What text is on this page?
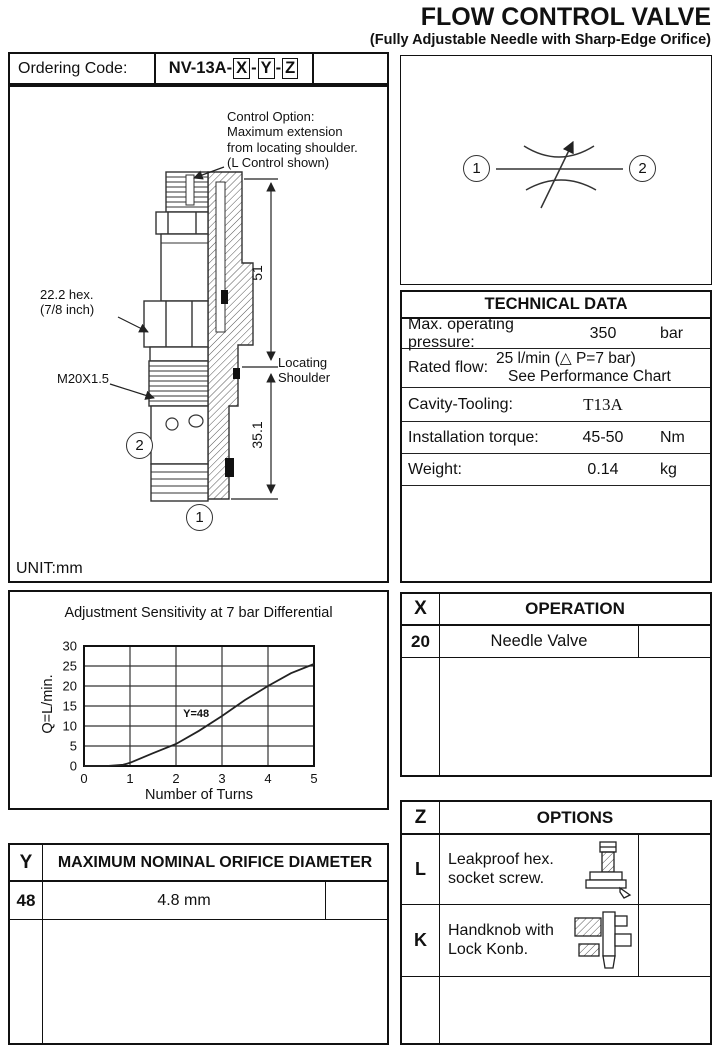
FLOW CONTROL VALVE
(Fully Adjustable Needle with Sharp-Edge Orifice)
Ordering Code:	NV-13A- X - Y - Z
51
35.1
Control Option:
Maximum extension
from locating shoulder.
(L Control shown)
22.2 hex.
(7/8 inch)
M20X1.5
Locating
Shoulder
2
1
UNIT:mm
1	2
TECHNICAL DATA
Max. operating pressure:
350	bar
Rated flow:
25 l/min (△ P=7 bar)
See Performance Chart
Cavity-Tooling:	T13A
Installation torque:	45-50	Nm
Weight:	0.14	kg
Adjustment Sensitivity at 7 bar Differential
0
5
10
15
20
25
30
0	1	2	3	4	5
Y=48
Q=L/min.
Number of Turns
X	OPERATION
20	Needle Valve
Y	MAXIMUM NOMINAL ORIFICE DIAMETER
48	4.8 mm
Z	OPTIONS
L	Leakproof hex.
socket screw.
K	Handknob with
Lock Konb.
